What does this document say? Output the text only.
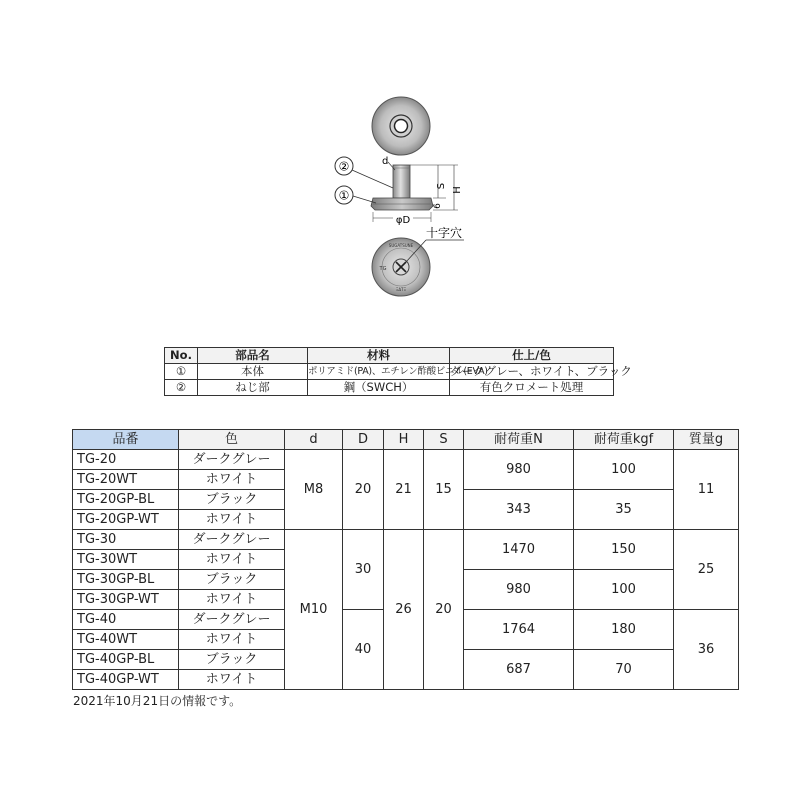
②
①
d
S
H
6
φD
SUGATSUNE
TG
ΞΔΤΞ
十字穴
No.	部品名	材料	仕上/色
①	本体	ポリアミド(PA)、エチレン酢酸ビニル(EVA)	ダークグレー、ホワイト、ブラック
②	ねじ部	鋼（SWCH）	有色クロメート処理
品番	色	d	D	H	S	耐荷重N	耐荷重kgf	質量g
TG-20	ダークグレー	M8	20	21	15	980	100	11
TG-20WT	ホワイト							
TG-20GP-BL	ブラック					343	35	
TG-20GP-WT	ホワイト							
TG-30	ダークグレー	M10	30	26	20	1470	150	25
TG-30WT	ホワイト							
TG-30GP-BL	ブラック					980	100	
TG-30GP-WT	ホワイト							
TG-40	ダークグレー		40			1764	180	36
TG-40WT	ホワイト							
TG-40GP-BL	ブラック					687	70	
TG-40GP-WT	ホワイト							
2021年10月21日の情報です。
